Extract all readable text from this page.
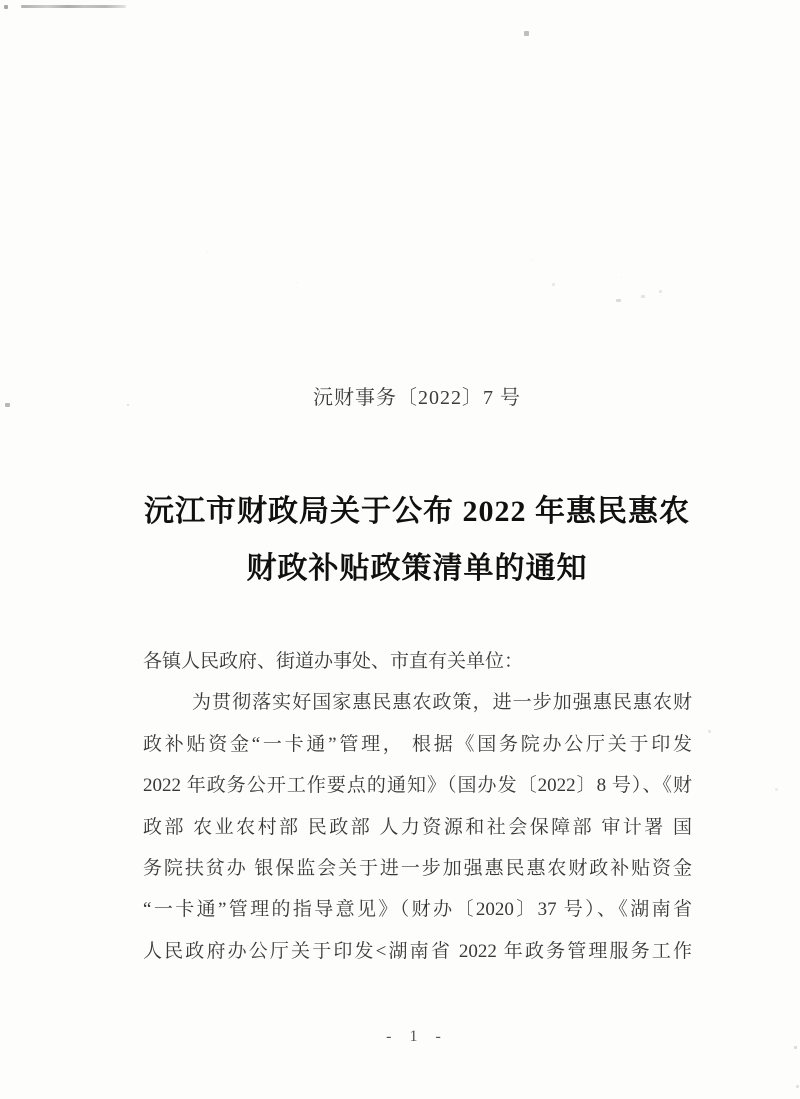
沅财事务〔2022〕7 号
沅江市财政局关于公布 2022 年惠民惠农
财政补贴政策清单的通知
各镇人民政府、街道办事处、市直有关单位：
为贯彻落实好国家惠民惠农政策，进一步加强惠民惠农财
政补贴资金“一卡通”管理， 根据《国务院办公厅关于印发
2022 年政务公开工作要点的通知》（国办发〔2022〕8 号）、《财
政部 农业农村部 民政部 人力资源和社会保障部 审计署 国
务院扶贫办 银保监会关于进一步加强惠民惠农财政补贴资金
“一卡通”管理的指导意见》（财办〔2020〕37 号）、《湖南省
人民政府办公厅关于印发<湖南省 2022 年政务管理服务工作
- 1 -
